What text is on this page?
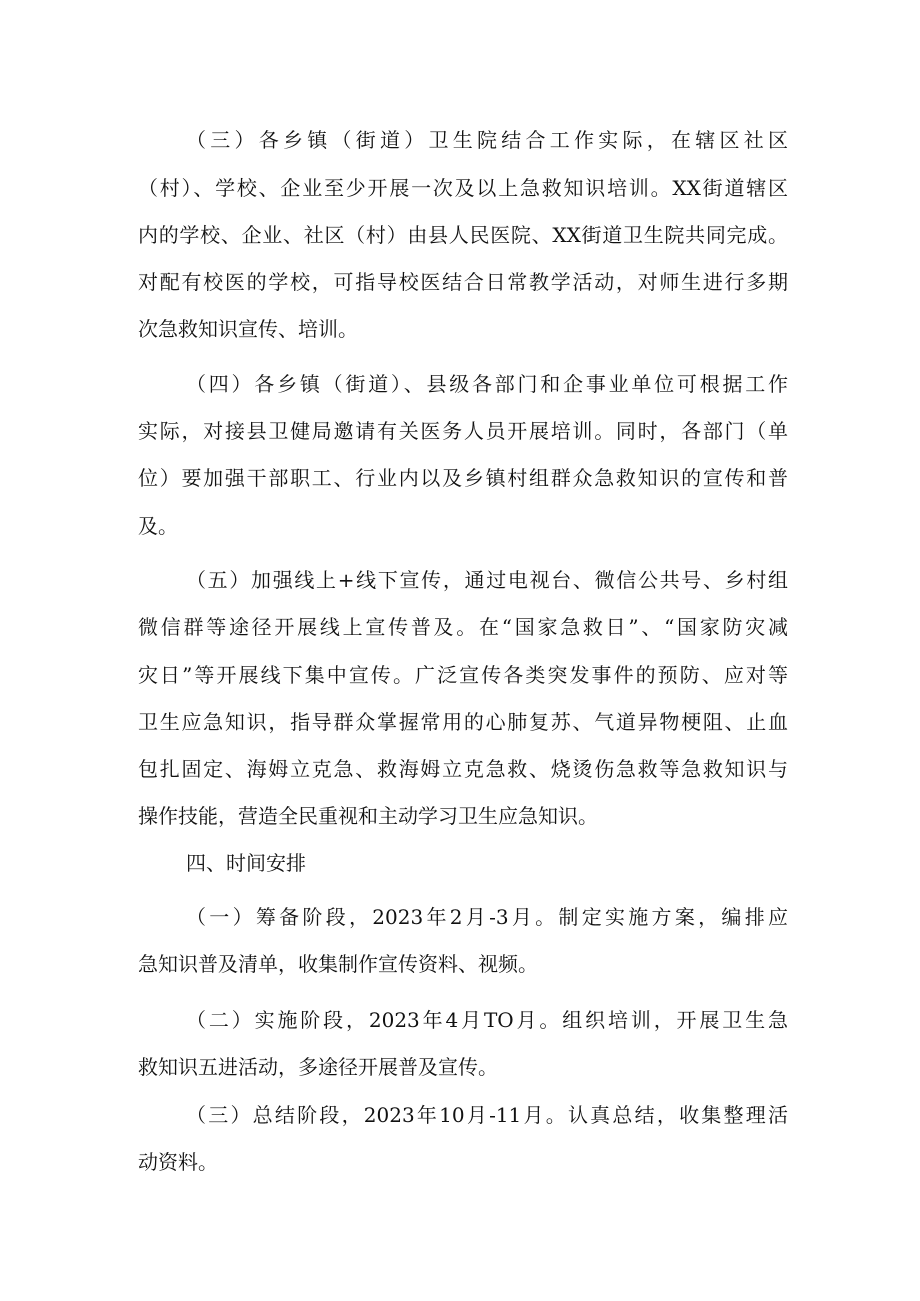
（三）各乡镇（街道）卫生院结合工作实际，在辖区社区
（村）、学校、企业至少开展一次及以上急救知识培训。XX街道辖区
内的学校、企业、社区（村）由县人民医院、XX街道卫生院共同完成。
对配有校医的学校，可指导校医结合日常教学活动，对师生进行多期
次急救知识宣传、培训。
（四）各乡镇（街道）、县级各部门和企事业单位可根据工作
实际，对接县卫健局邀请有关医务人员开展培训。同时，各部门（单
位）要加强干部职工、行业内以及乡镇村组群众急救知识的宣传和普
及。
（五）加强线上+线下宣传，通过电视台、微信公共号、乡村组
微信群等途径开展线上宣传普及。在“国家急救日”、“国家防灾减
灾日”等开展线下集中宣传。广泛宣传各类突发事件的预防、应对等
卫生应急知识，指导群众掌握常用的心肺复苏、气道异物梗阻、止血
包扎固定、海姆立克急、救海姆立克急救、烧烫伤急救等急救知识与
操作技能，营造全民重视和主动学习卫生应急知识。
四、时间安排
（一）筹备阶段，2023年2月-3月。制定实施方案，编排应
急知识普及清单，收集制作宣传资料、视频。
（二）实施阶段，2023年4月TO月。组织培训，开展卫生急
救知识五进活动，多途径开展普及宣传。
（三）总结阶段，2023年10月-11月。认真总结，收集整理活
动资料。
